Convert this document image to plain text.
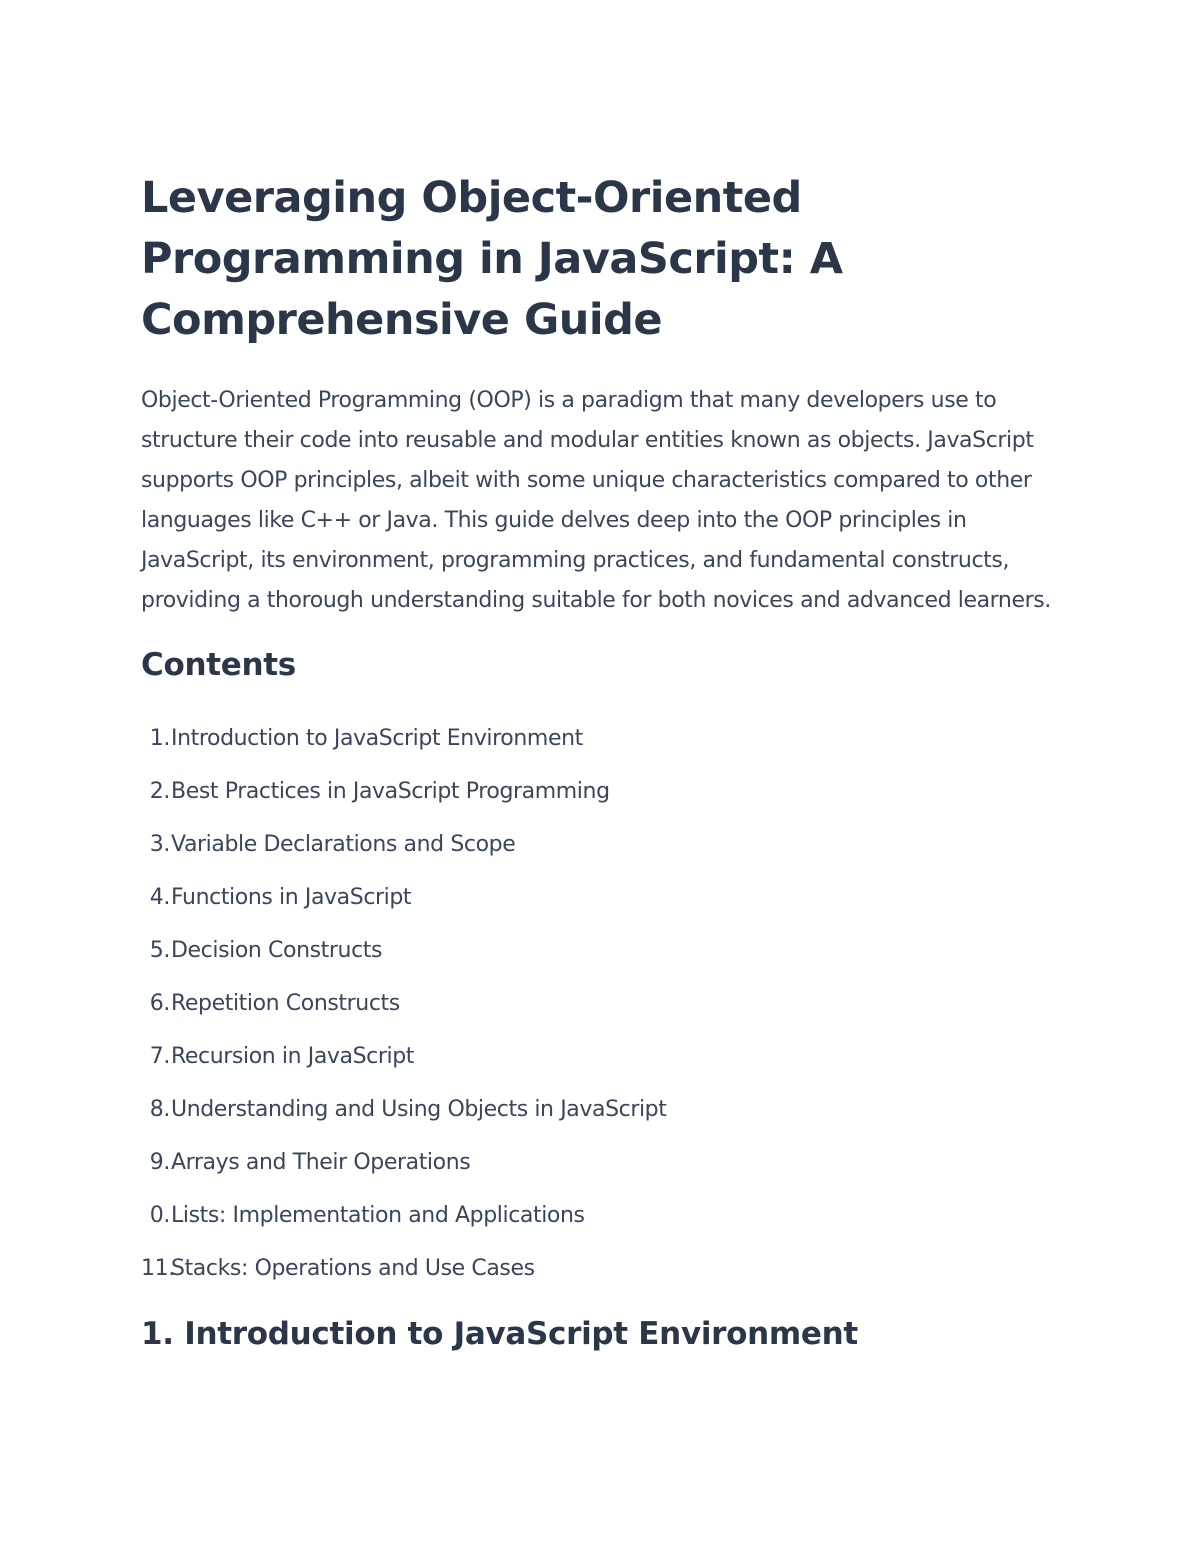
Leveraging Object-Oriented Programming in JavaScript: A Comprehensive Guide

Object-Oriented Programming (OOP) is a paradigm that many developers use to structure their code into reusable and modular entities known as objects. JavaScript supports OOP principles, albeit with some unique characteristics compared to other languages like C++ or Java. This guide delves deep into the OOP principles in JavaScript, its environment, programming practices, and fundamental constructs, providing a thorough understanding suitable for both novices and advanced learners.

Contents
1. Introduction to JavaScript Environment
2. Best Practices in JavaScript Programming
3. Variable Declarations and Scope
4. Functions in JavaScript
5. Decision Constructs
6. Repetition Constructs
7. Recursion in JavaScript
8. Understanding and Using Objects in JavaScript
9. Arrays and Their Operations
0. Lists: Implementation and Applications
11.
Stacks: Operations and Use Cases
1. Introduction to JavaScript Environment
